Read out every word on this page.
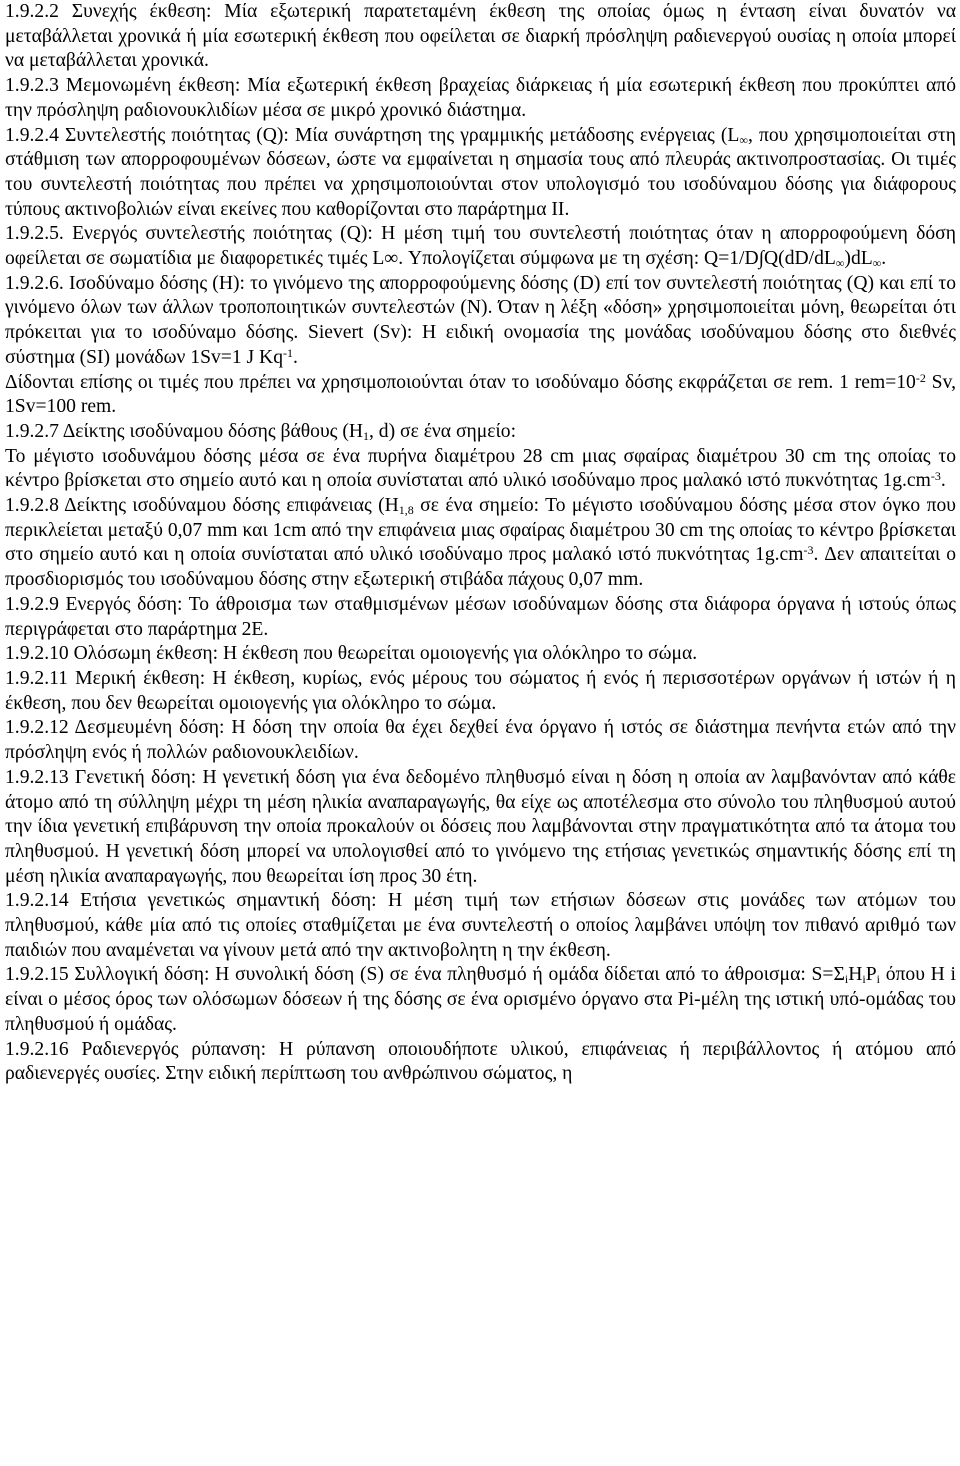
1.9.2.2 Συνεχής έκθεση: Μία εξωτερική παρατεταμένη έκθεση της οποίας όμως η ένταση είναι δυνατόν να μεταβάλλεται χρονικά ή μία εσωτερική έκθεση που οφείλεται σε διαρκή πρόσληψη ραδιενεργού ουσίας η οποία μπορεί να μεταβάλλεται χρονικά.

1.9.2.3 Μεμονωμένη έκθεση: Μία εξωτερική έκθεση βραχείας διάρκειας ή μία εσωτερική έκθεση που προκύπτει από την πρόσληψη ραδιονουκλιδίων μέσα σε μικρό χρονικό διάστημα.

1.9.2.4 Συντελεστής ποιότητας (Q): Μία συνάρτηση της γραμμικής μετάδοσης ενέργειας ($L_\infty$, που χρησιμοποιείται στη στάθμιση των απορροφουμένων δόσεων, ώστε να εμφαίνεται η σημασία τους από πλευράς ακτινοπροστασίας. Οι τιμές του συντελεστή ποιότητας που πρέπει να χρησιμοποιούνται στον υπολογισμό του ισοδύναμου δόσης για διάφορους τύπους ακτινοβολιών είναι εκείνες που καθορίζονται στο παράρτημα ΙΙ.

1.9.2.5. Ενεργός συντελεστής ποιότητας (Q): Η μέση τιμή του συντελεστή ποιότητας όταν η απορροφούμενη δόση οφείλεται σε σωματίδια με διαφορετικές τιμές L∞. Υπολογίζεται σύμφωνα με τη σχέση: $Q=1/D\int Q(dD/dL_\infty)dL_\infty$.

1.9.2.6. Ισοδύναμο δόσης (Η): το γινόμενο της απορροφούμενης δόσης (D) επί τον συντελεστή ποιότητας (Q) και επί το γινόμενο όλων των άλλων τροποποιητικών συντελεστών (Ν). Όταν η λέξη «δόση» χρησιμοποιείται μόνη, θεωρείται ότι πρόκειται για το ισοδύναμο δόσης. Sievert (Sv): Η ειδική ονομασία της μονάδας ισοδύναμου δόσης στο διεθνές σύστημα (SI) μονάδων 1Sv=1 J $Kq^{-1}$.

Δίδονται επίσης οι τιμές που πρέπει να χρησιμοποιούνται όταν το ισοδύναμο δόσης εκφράζεται σε rem. 1 $rem=10^{-2}$ Sv, 1Sv=100 rem.

1.9.2.7 Δείκτης ισοδύναμου δόσης βάθους ($H_1$, d) σε ένα σημείο:

Το μέγιστο ισοδυνάμου δόσης μέσα σε ένα πυρήνα διαμέτρου 28 cm μιας σφαίρας διαμέτρου 30 cm της οποίας το κέντρο βρίσκεται στο σημείο αυτό και η οποία συνίσταται από υλικό ισοδύναμο προς μαλακό ιστό πυκνότητας $1g.cm^{-3}$.

1.9.2.8 Δείκτης ισοδύναμου δόσης επιφάνειας ($H_{1,8}$ σε ένα σημείο: Το μέγιστο ισοδύναμου δόσης μέσα στον όγκο που περικλείεται μεταξύ 0,07 mm και 1cm από την επιφάνεια μιας σφαίρας διαμέτρου 30 cm της οποίας το κέντρο βρίσκεται στο σημείο αυτό και η οποία συνίσταται από υλικό ισοδύναμο προς μαλακό ιστό πυκνότητας $1g.cm^{-3}$. Δεν απαιτείται ο προσδιορισμός του ισοδύναμου δόσης στην εξωτερική στιβάδα πάχους 0,07 mm.

1.9.2.9 Ενεργός δόση: Το άθροισμα των σταθμισμένων μέσων ισοδύναμων δόσης στα διάφορα όργανα ή ιστούς όπως περιγράφεται στο παράρτημα 2Ε.

1.9.2.10 Ολόσωμη έκθεση: Η έκθεση που θεωρείται ομοιογενής για ολόκληρο το σώμα.

1.9.2.11 Μερική έκθεση: Η έκθεση, κυρίως, ενός μέρους του σώματος ή ενός ή περισσοτέρων οργάνων ή ιστών ή η έκθεση, που δεν θεωρείται ομοιογενής για ολόκληρο το σώμα.

1.9.2.12 Δεσμευμένη δόση: Η δόση την οποία θα έχει δεχθεί ένα όργανο ή ιστός σε διάστημα πενήντα ετών από την πρόσληψη ενός ή πολλών ραδιονουκλειδίων.

1.9.2.13 Γενετική δόση: Η γενετική δόση για ένα δεδομένο πληθυσμό είναι η δόση η οποία αν λαμβανόνταν από κάθε άτομο από τη σύλληψη μέχρι τη μέση ηλικία αναπαραγωγής, θα είχε ως αποτέλεσμα στο σύνολο του πληθυσμού αυτού την ίδια γενετική επιβάρυνση την οποία προκαλούν οι δόσεις που λαμβάνονται στην πραγματικότητα από τα άτομα του πληθυσμού. Η γενετική δόση μπορεί να υπολογισθεί από το γινόμενο της ετήσιας γενετικώς σημαντικής δόσης επί τη μέση ηλικία αναπαραγωγής, που θεωρείται ίση προς 30 έτη.

1.9.2.14 Ετήσια γενετικώς σημαντική δόση: Η μέση τιμή των ετήσιων δόσεων στις μονάδες των ατόμων του πληθυσμού, κάθε μία από τις οποίες σταθμίζεται με ένα συντελεστή ο οποίος λαμβάνει υπόψη τον πιθανό αριθμό των παιδιών που αναμένεται να γίνουν μετά από την ακτινοβολητη η την έκθεση.

1.9.2.15 Συλλογική δόση: Η συνολική δόση (S) σε ένα πληθυσμό ή ομάδα δίδεται από το άθροισμα: $S=\Sigma_iH_iP_i$ όπου Η i είναι ο μέσος όρος των ολόσωμων δόσεων ή της δόσης σε ένα ορισμένο όργανο στα Pi-μέλη της ιστική υπό-ομάδας του πληθυσμού ή ομάδας.

1.9.2.16 Ραδιενεργός ρύπανση: Η ρύπανση οποιουδήποτε υλικού, επιφάνειας ή περιβάλλοντος ή ατόμου από ραδιενεργές ουσίες. Στην ειδική περίπτωση του ανθρώπινου σώματος, η
